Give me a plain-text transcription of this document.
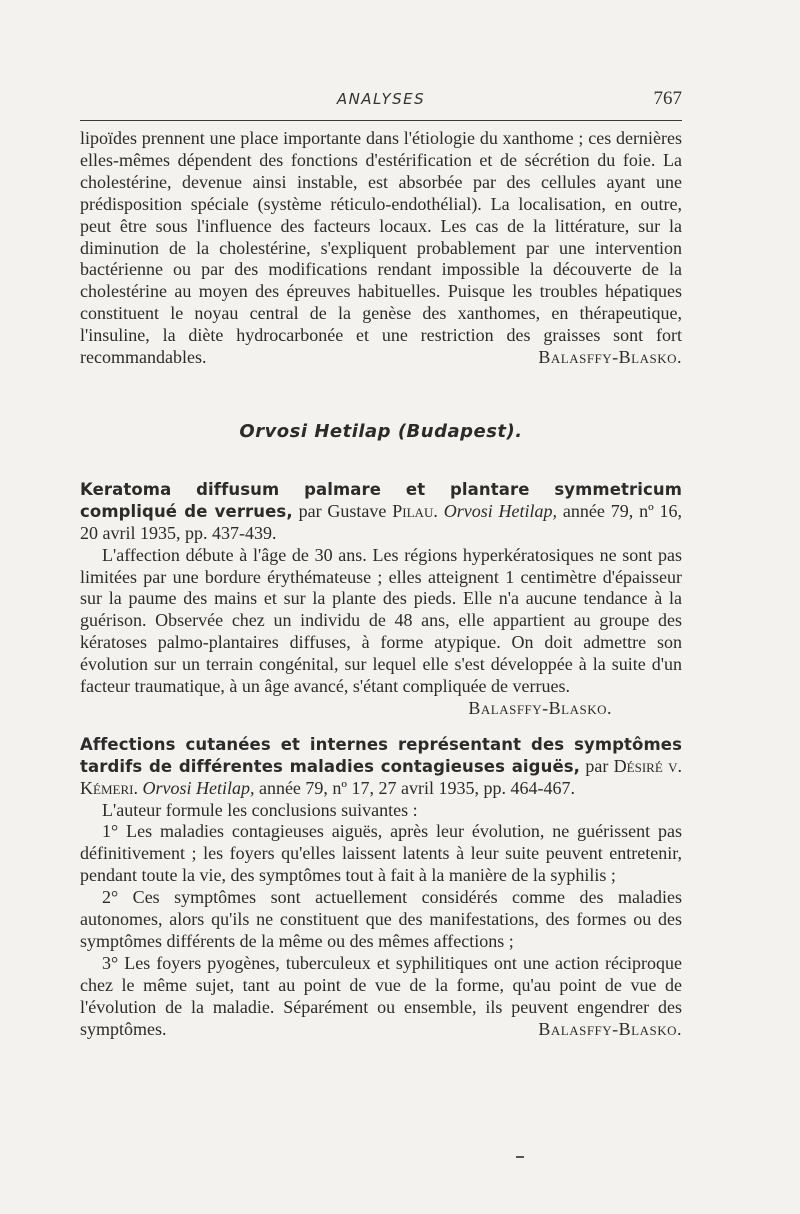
ANALYSES	767

lipoïdes prennent une place importante dans l'étiologie du xanthome ; ces dernières elles-mêmes dépendent des fonctions d'estérification et de sécrétion du foie. La cholestérine, devenue ainsi instable, est absorbée par des cellules ayant une prédisposition spéciale (système réticulo-endothélial). La localisation, en outre, peut être sous l'influence des facteurs locaux. Les cas de la littérature, sur la diminution de la cholestérine, s'expliquent probablement par une intervention bactérienne ou par des modifications rendant impossible la découverte de la cholestérine au moyen des épreuves habituelles. Puisque les troubles hépatiques constituent le noyau central de la genèse des xanthomes, en thérapeutique, l'insuline, la diète hydrocarbonée et une restriction des graisses sont fort recommandables.	Balasffy-Blasko.

Orvosi Hetilap (Budapest).

Keratoma diffusum palmare et plantare symmetricum compliqué de verrues, par Gustave Pilau. Orvosi Hetilap, année 79, nº 16, 20 avril 1935, pp. 437-439.

L'affection débute à l'âge de 30 ans. Les régions hyperkératosiques ne sont pas limitées par une bordure érythémateuse ; elles atteignent 1 centimètre d'épaisseur sur la paume des mains et sur la plante des pieds. Elle n'a aucune tendance à la guérison. Observée chez un individu de 48 ans, elle appartient au groupe des kératoses palmo-plantaires diffuses, à forme atypique. On doit admettre son évolution sur un terrain congénital, sur lequel elle s'est développée à la suite d'un facteur traumatique, à un âge avancé, s'étant compliquée de verrues.

Balasffy-Blasko.

Affections cutanées et internes représentant des symptômes tardifs de différentes maladies contagieuses aiguës, par Désiré v. Kémeri. Orvosi Hetilap, année 79, nº 17, 27 avril 1935, pp. 464-467.

L'auteur formule les conclusions suivantes :

1° Les maladies contagieuses aiguës, après leur évolution, ne guérissent pas définitivement ; les foyers qu'elles laissent latents à leur suite peuvent entretenir, pendant toute la vie, des symptômes tout à fait à la manière de la syphilis ;

2° Ces symptômes sont actuellement considérés comme des maladies autonomes, alors qu'ils ne constituent que des manifestations, des formes ou des symptômes différents de la même ou des mêmes affections ;

3° Les foyers pyogènes, tuberculeux et syphilitiques ont une action réciproque chez le même sujet, tant au point de vue de la forme, qu'au point de vue de l'évolution de la maladie. Séparément ou ensemble, ils peuvent engendrer des symptômes.	Balasffy-Blasko.
